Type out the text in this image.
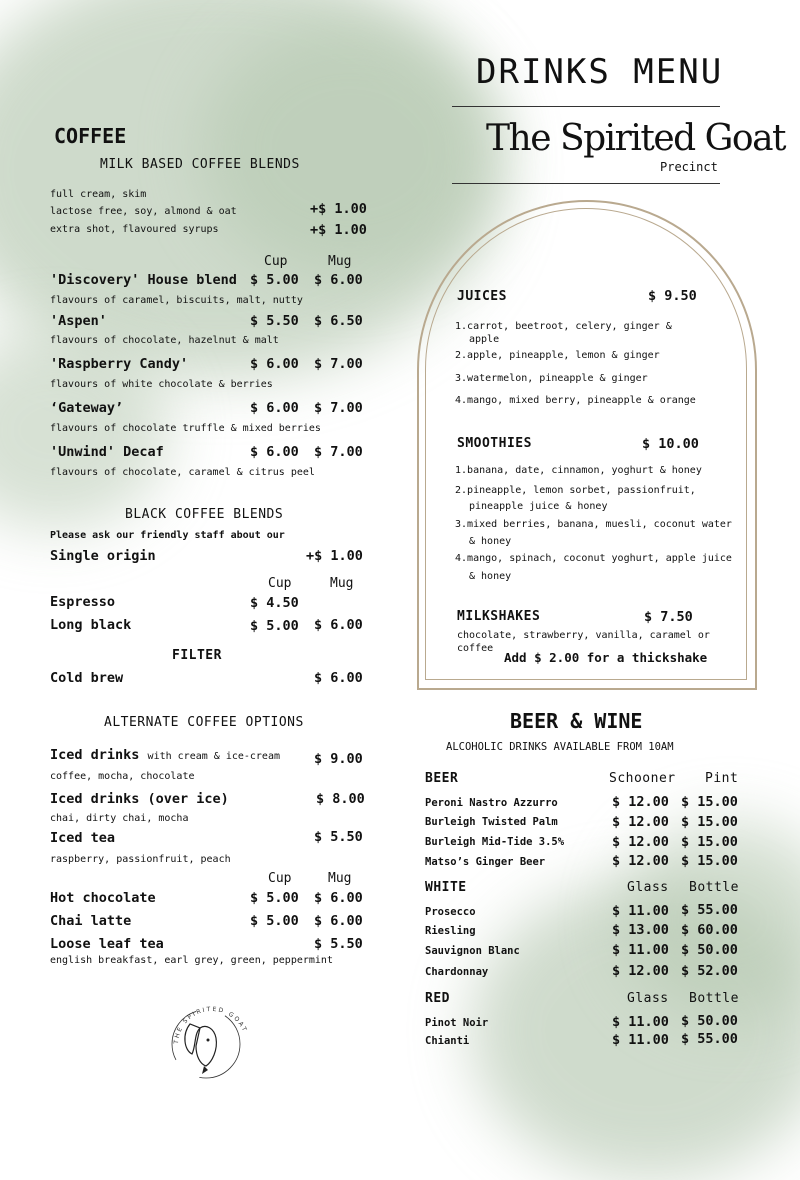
DRINKS MENU
The Spirited Goat
Precinct
COFFEE
MILK BASED COFFEE BLENDS
full cream, skim
lactose free, soy, almond & oat	+$ 1.00
extra shot, flavoured syrups	+$ 1.00
Cup	Mug
'Discovery' House blend $ 5.00 $ 6.00
flavours of caramel, biscuits, malt, nutty
'Aspen'	$ 5.50 $ 6.50
flavours of chocolate, hazelnut & malt
'Raspberry Candy'	$ 6.00 $ 7.00
flavours of white chocolate & berries
‘Gateway’	$ 6.00 $ 7.00
flavours of chocolate truffle & mixed berries
'Unwind' Decaf	$ 6.00 $ 7.00
flavours of chocolate, caramel & citrus peel
BLACK COFFEE BLENDS
Please ask our friendly staff about our
Single origin	+$ 1.00
Cup	Mug
Espresso	$ 4.50
Long black	$ 5.00 $ 6.00
FILTER
Cold brew	$ 6.00
ALTERNATE COFFEE OPTIONS
Iced drinks with cream & ice-cream	$ 9.00
coffee, mocha, chocolate
Iced drinks (over ice)	$ 8.00
chai, dirty chai, mocha
Iced tea	$ 5.50
raspberry, passionfruit, peach
Cup	Mug
Hot chocolate	$ 5.00 $ 6.00
Chai latte	$ 5.00 $ 6.00
Loose leaf tea	$ 5.50
english breakfast, earl grey, green, peppermint
THE SPIRITED GOAT
JUICES	$ 9.50
1.carrot, beetroot, celery, ginger &
apple
2.apple, pineapple, lemon & ginger
3.watermelon, pineapple & ginger
4.mango, mixed berry, pineapple & orange
SMOOTHIES	$ 10.00
1.banana, date, cinnamon, yoghurt & honey
2.pineapple, lemon sorbet, passionfruit,
pineapple juice & honey
3.mixed berries, banana, muesli, coconut water
& honey
4.mango, spinach, coconut yoghurt, apple juice
& honey
MILKSHAKES	$ 7.50
chocolate, strawberry, vanilla, caramel or
coffee
Add $ 2.00 for a thickshake
BEER & WINE
ALCOHOLIC DRINKS AVAILABLE FROM 10AM
BEER	Schooner Pint
Peroni Nastro Azzurro	$ 12.00 $ 15.00
Burleigh Twisted Palm	$ 12.00 $ 15.00
Burleigh Mid-Tide 3.5%	$ 12.00 $ 15.00
Matso’s Ginger Beer	$ 12.00 $ 15.00
WHITE	Glass Bottle
Prosecco	$ 11.00 $ 55.00
Riesling	$ 13.00 $ 60.00
Sauvignon Blanc	$ 11.00 $ 50.00
Chardonnay	$ 12.00 $ 52.00
RED	Glass Bottle
Pinot Noir	$ 11.00 $ 50.00
Chianti	$ 11.00 $ 55.00
